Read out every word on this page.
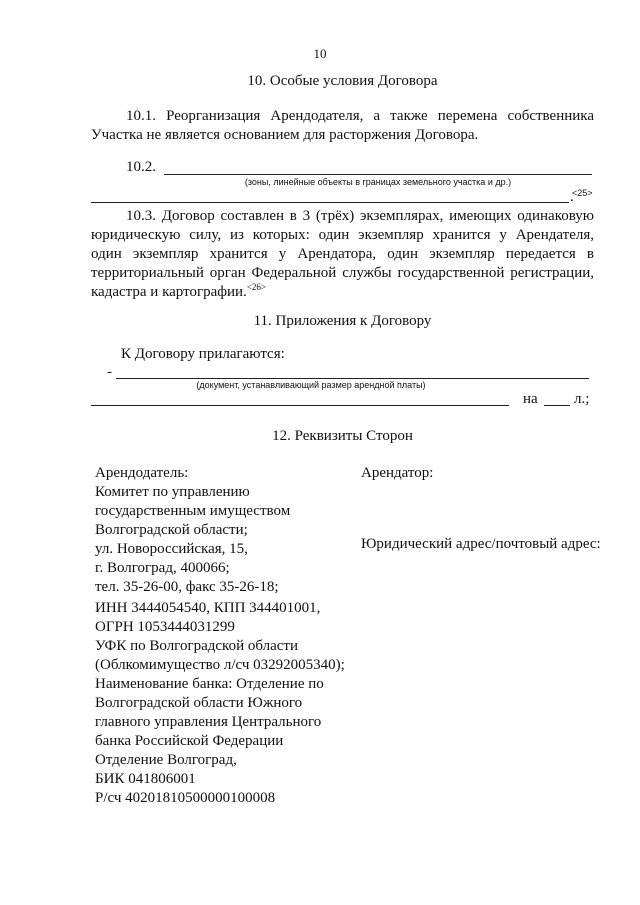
10
10. Особые условия Договора
10.1. Реорганизация Арендодателя, а также перемена собственника
Участка не является основанием для расторжения Договора.
10.2.
(зоны, линейные объекты в границах земельного участка и др.)
<25>
.
10.3. Договор составлен в 3 (трёх) экземплярах, имеющих одинаковую
юридическую силу, из которых: один экземпляр хранится у Арендателя,
один экземпляр хранится у Арендатора, один экземпляр передается в
территориальный орган Федеральной службы государственной регистрации,
кадастра и картографии.$^{<26>}$
11. Приложения к Договору
К Договору прилагаются:
-
(документ, устанавливающий размер арендной платы)
на л.;
12. Реквизиты Сторон
Арендодатель:
Комитет по управлению
государственным имуществом
Волгоградской области;
ул. Новороссийская, 15,
г. Волгоград, 400066;
тел. 35-26-00, факс 35-26-18;
ИНН 3444054540, КПП 344401001,
ОГРН 1053444031299
УФК по Волгоградской области
(Облкомимущество л/сч 03292005340);
Наименование банка: Отделение по
Волгоградской области Южного
главного управления Центрального
банка Российской Федерации
Отделение Волгоград,
БИК 041806001
Р/сч 40201810500000100008
Арендатор:
Юридический адрес/почтовый адрес:
